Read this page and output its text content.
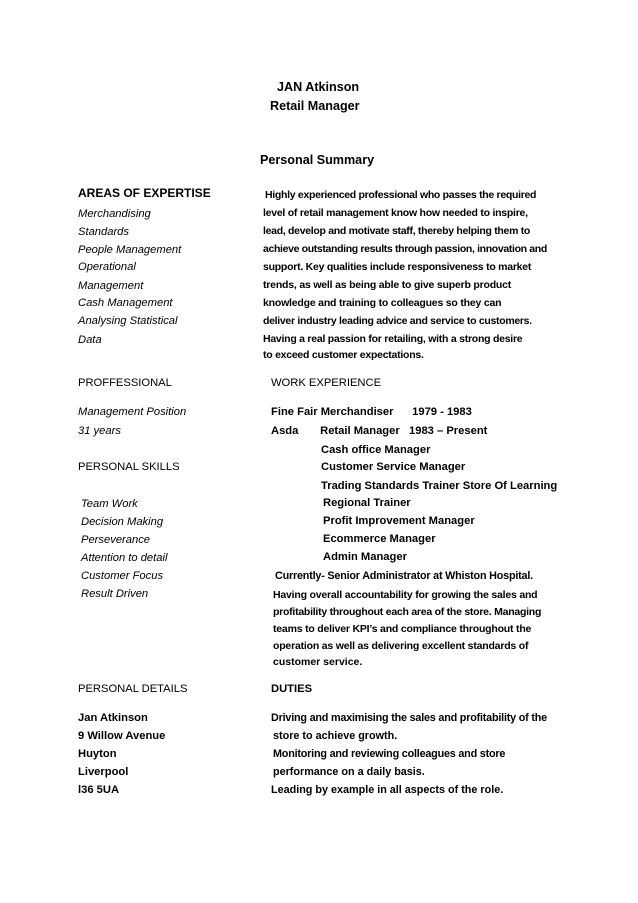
JAN Atkinson
Retail Manager
Personal Summary
AREAS OF EXPERTISE
Merchandising
Standards
People Management
Operational
Management
Cash Management
Analysing Statistical
Data
Highly experienced professional who passes the required
level of retail management know how needed to inspire,
lead, develop and motivate staff, thereby helping them to
achieve outstanding results through passion, innovation and
support. Key qualities include responsiveness to market
trends, as well as being able to give superb product
knowledge and training to colleagues so they can
deliver industry leading advice and service to customers.
Having a real passion for retailing, with a strong desire
to exceed customer expectations.
PROFFESSIONAL	WORK EXPERIENCE
Management Position	Fine Fair Merchandiser      1979 - 1983
31 years	Asda       Retail Manager   1983 – Present
Cash office Manager
Customer Service Manager
Trading Standards Trainer Store Of Learning
Regional Trainer
Profit Improvement Manager
Ecommerce Manager
Admin Manager
PERSONAL SKILLS
Team Work
Decision Making
Perseverance
Attention to detail
Customer Focus
Result Driven
Currently- Senior Administrator at Whiston Hospital.
Having overall accountability for growing the sales and
profitability throughout each area of the store. Managing
teams to deliver KPI’s and compliance throughout the
operation as well as delivering excellent standards of
customer service.
PERSONAL DETAILS	DUTIES
Jan Atkinson
9 Willow Avenue
Huyton
Liverpool
l36 5UA
Driving and maximising the sales and profitability of the
store to achieve growth.
Monitoring and reviewing colleagues and store
performance on a daily basis.
Leading by example in all aspects of the role.
